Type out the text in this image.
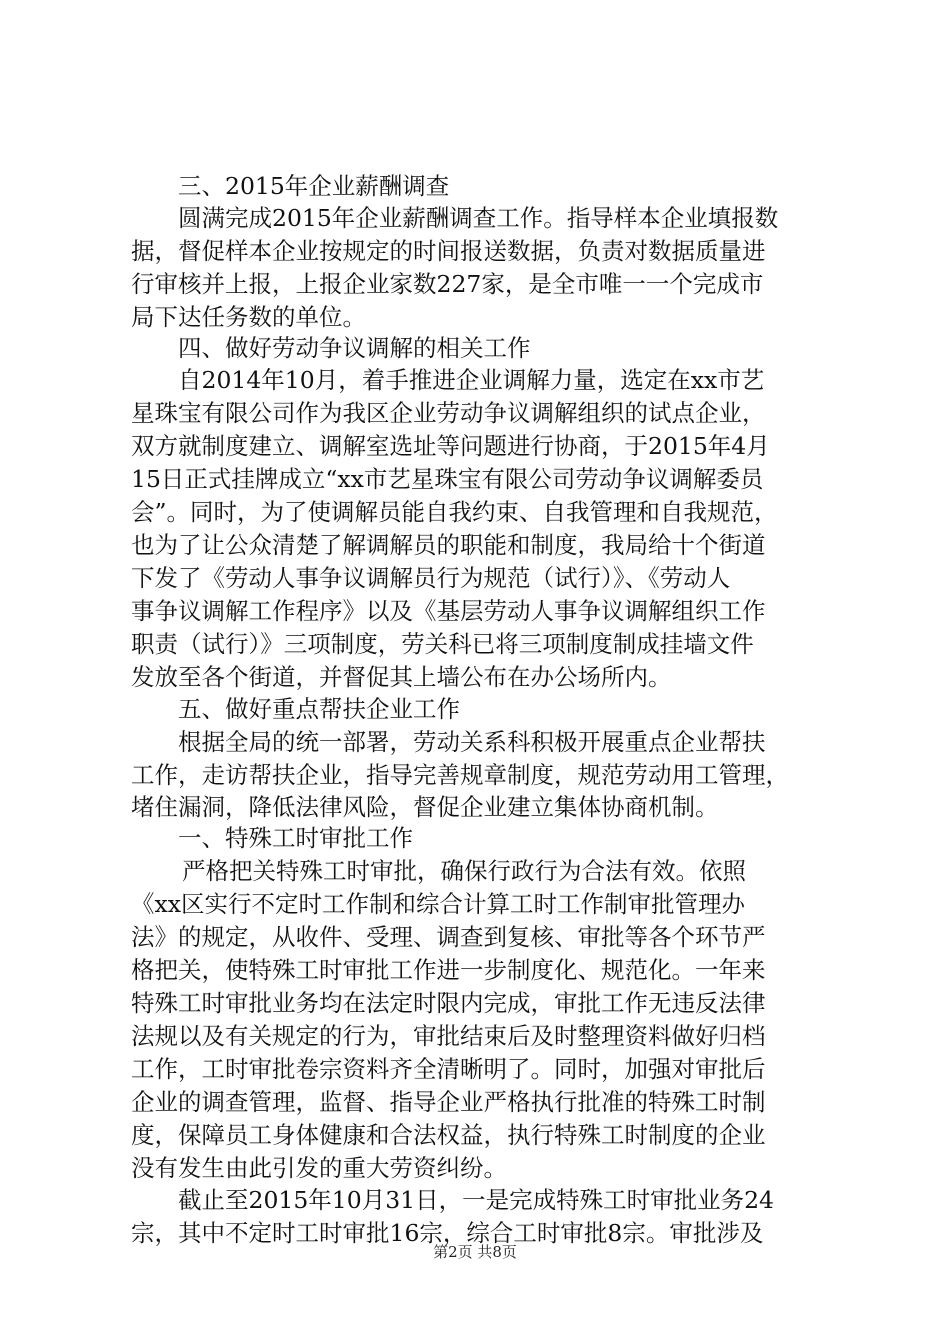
三、2015年企业薪酬调查
圆满完成2015年企业薪酬调查工作。指导样本企业填报数
据，督促样本企业按规定的时间报送数据，负责对数据质量进
行审核并上报，上报企业家数227家，是全市唯一一个完成市
局下达任务数的单位。
四、做好劳动争议调解的相关工作
自2014年10月，着手推进企业调解力量，选定在xx市艺
星珠宝有限公司作为我区企业劳动争议调解组织的试点企业，
双方就制度建立、调解室选址等问题进行协商，于2015年4月
15日正式挂牌成立“xx市艺星珠宝有限公司劳动争议调解委员
会”。同时，为了使调解员能自我约束、自我管理和自我规范，
也为了让公众清楚了解调解员的职能和制度，我局给十个街道
下发了《劳动人事争议调解员行为规范（试行）》、《劳动人
事争议调解工作程序》以及《基层劳动人事争议调解组织工作
职责（试行）》三项制度，劳关科已将三项制度制成挂墙文件
发放至各个街道，并督促其上墙公布在办公场所内。
五、做好重点帮扶企业工作
根据全局的统一部署，劳动关系科积极开展重点企业帮扶
工作，走访帮扶企业，指导完善规章制度，规范劳动用工管理，
堵住漏洞，降低法律风险，督促企业建立集体协商机制。
一、特殊工时审批工作
严格把关特殊工时审批，确保行政行为合法有效。依照
《xx区实行不定时工作制和综合计算工时工作制审批管理办
法》的规定，从收件、受理、调查到复核、审批等各个环节严
格把关，使特殊工时审批工作进一步制度化、规范化。一年来
特殊工时审批业务均在法定时限内完成，审批工作无违反法律
法规以及有关规定的行为，审批结束后及时整理资料做好归档
工作，工时审批卷宗资料齐全清晰明了。同时，加强对审批后
企业的调查管理，监督、指导企业严格执行批准的特殊工时制
度，保障员工身体健康和合法权益，执行特殊工时制度的企业
没有发生由此引发的重大劳资纠纷。
截止至2015年10月31日，一是完成特殊工时审批业务24
宗，其中不定时工时审批16宗，综合工时审批8宗。审批涉及
第2页 共8页
